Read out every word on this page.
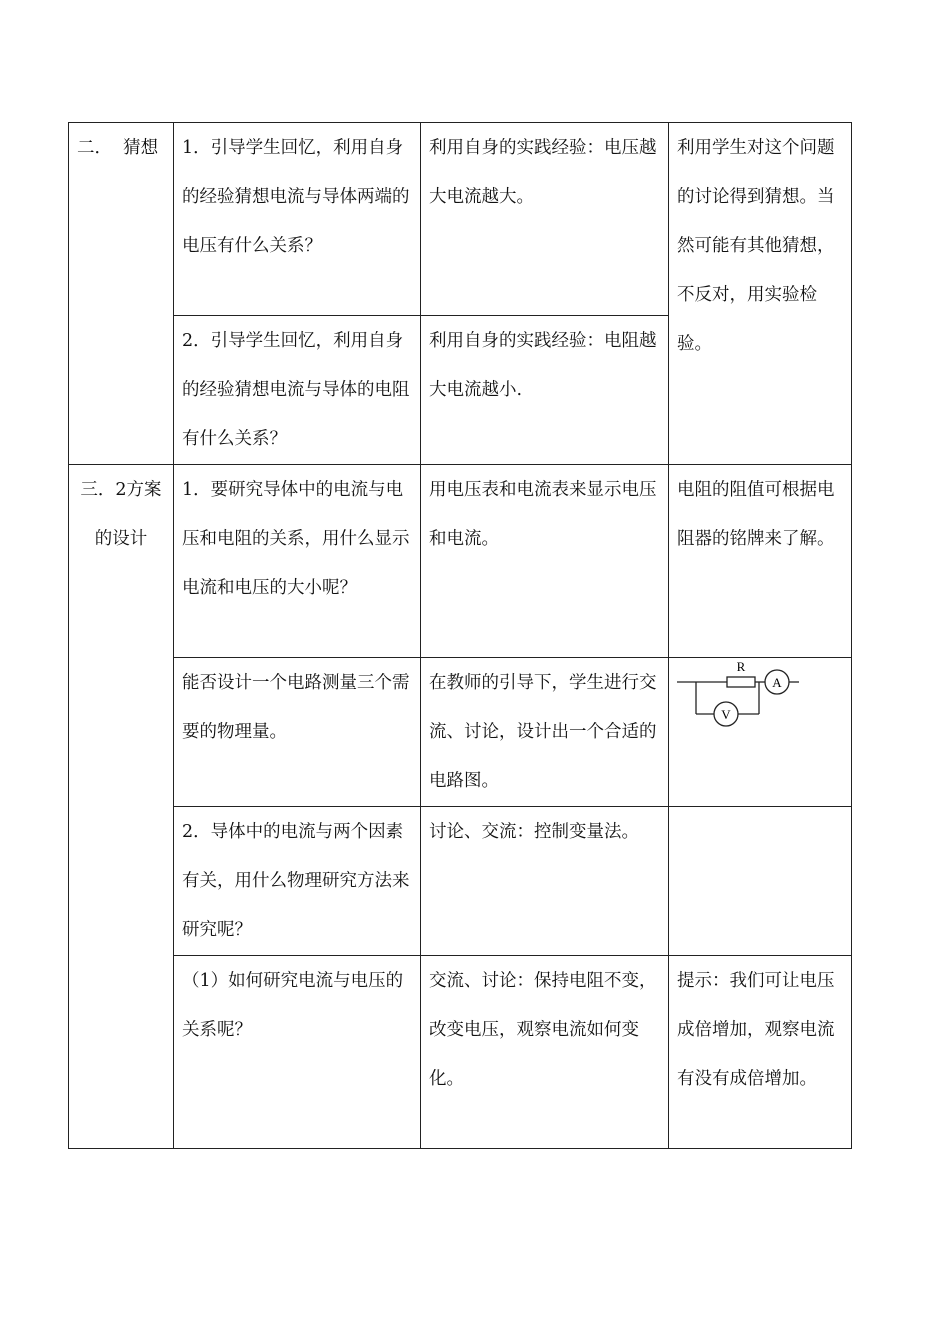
二．  猜想	1．引导学生回忆，利用自身的经验猜想电流与导体两端的电压有什么关系？	利用自身的实践经验：电压越大电流越大。	利用学生对这个问题的讨论得到猜想。当然可能有其他猜想，不反对，用实验检验。
	2．引导学生回忆，利用自身的经验猜想电流与导体的电阻有什么关系？	利用自身的实践经验：电阻越大电流越小.	
三．2方案的设计	1．要研究导体中的电流与电压和电阻的关系，用什么显示电流和电压的大小呢？	用电压表和电流表来显示电压和电流。	电阻的阻值可根据电阻器的铭牌来了解。
	能否设计一个电路测量三个需要的物理量。	在教师的引导下，学生进行交流、讨论，设计出一个合适的电路图。	R
A
V

	2．导体中的电流与两个因素有关，用什么物理研究方法来研究呢？	讨论、交流：控制变量法。	
	（1）如何研究电流与电压的关系呢？	交流、讨论：保持电阻不变，改变电压，观察电流如何变化。	提示：我们可让电压成倍增加，观察电流有没有成倍增加。
